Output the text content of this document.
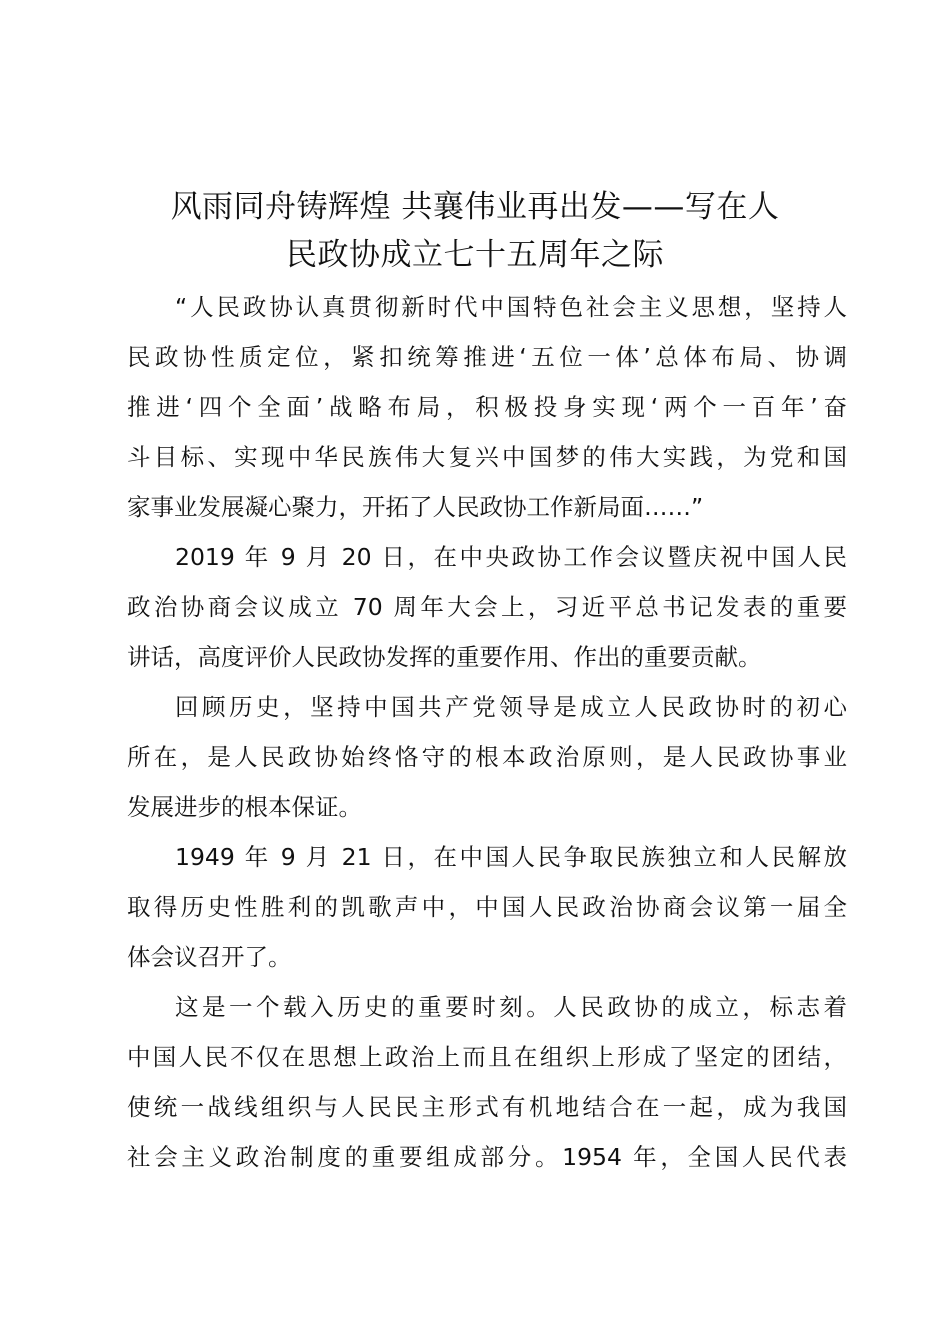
风雨同舟铸辉煌 共襄伟业再出发——写在人
民政协成立七十五周年之际

“人民政协认真贯彻新时代中国特色社会主义思想，坚持人
民政协性质定位，紧扣统筹推进‘五位一体’总体布局、协调
推进‘四个全面’战略布局，积极投身实现‘两个一百年’奋
斗目标、实现中华民族伟大复兴中国梦的伟大实践，为党和国
家事业发展凝心聚力，开拓了人民政协工作新局面……”

2019 年 9 月 20 日，在中央政协工作会议暨庆祝中国人民
政治协商会议成立 70 周年大会上，习近平总书记发表的重要
讲话，高度评价人民政协发挥的重要作用、作出的重要贡献。

回顾历史，坚持中国共产党领导是成立人民政协时的初心
所在，是人民政协始终恪守的根本政治原则，是人民政协事业
发展进步的根本保证。

1949 年 9 月 21 日，在中国人民争取民族独立和人民解放
取得历史性胜利的凯歌声中，中国人民政治协商会议第一届全
体会议召开了。

这是一个载入历史的重要时刻。人民政协的成立，标志着
中国人民不仅在思想上政治上而且在组织上形成了坚定的团结，
使统一战线组织与人民民主形式有机地结合在一起，成为我国
社会主义政治制度的重要组成部分。1954 年，全国人民代表
